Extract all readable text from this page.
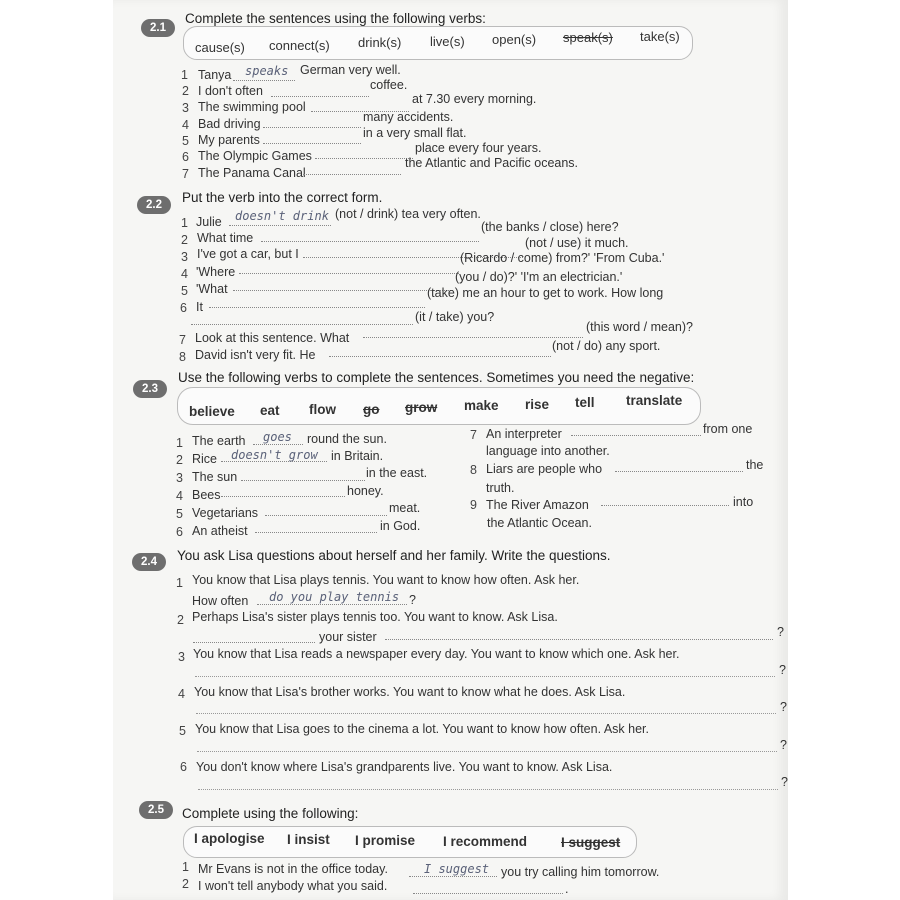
2.1
Complete the sentences using the following verbs:
cause(s) connect(s) drink(s) live(s) open(s) speak(s) take(s)
1 Tanya speaks German very well.
2 I don't often	coffee.
3 The swimming pool
at 7.30 every morning.
4 Bad driving	many accidents.
5 My parents	in a very small flat.
6 The Olympic Games
place every four years.
7 The Panama Canal
the Atlantic and Pacific oceans.
2.2	Put the verb into the correct form.
1 Julie doesn't drink (not / drink) tea very often.
2 What time
(the banks / close) here?
3 I've got a car, but I
(not / use) it much.
4 'Where
(Ricardo / come) from?' 'From Cuba.'
5 'What
(you / do)?' 'I'm an electrician.'
6 It
(take) me an hour to get to work. How long
(it / take) you?
7 Look at this sentence. What
(this word / mean)?
8 David isn't very fit. He
(not / do) any sport.
2.3
Use the following verbs to complete the sentences. Sometimes you need the negative:
believe eat flow go grow make rise tell translate
1 The earth goes round the sun.
2 Rice doesn't grow in Britain.
3 The sun	in the east.
4 Bees	honey.
5 Vegetarians	meat.
6 An atheist	in God.
7 An interpreter	from one
language into another.
8 Liars are people who	the
truth.
9 The River Amazon	into
the Atlantic Ocean.
2.4	You ask Lisa questions about herself and her family. Write the questions.
1 You know that Lisa plays tennis. You want to know how often. Ask her.
How often do you play tennis ?
2 Perhaps Lisa's sister plays tennis too. You want to know. Ask Lisa.
your sister	?
3 You know that Lisa reads a newspaper every day. You want to know which one. Ask her.
?
4 You know that Lisa's brother works. You want to know what he does. Ask Lisa.
?
5 You know that Lisa goes to the cinema a lot. You want to know how often. Ask her.
?
6 You don't know where Lisa's grandparents live. You want to know. Ask Lisa.
?
2.5	Complete using the following:
I apologise I insist I promise I recommend	I suggest
1 Mr Evans is not in the office today.	I suggest you try calling him tomorrow.
2 I won't tell anybody what you said.	.
